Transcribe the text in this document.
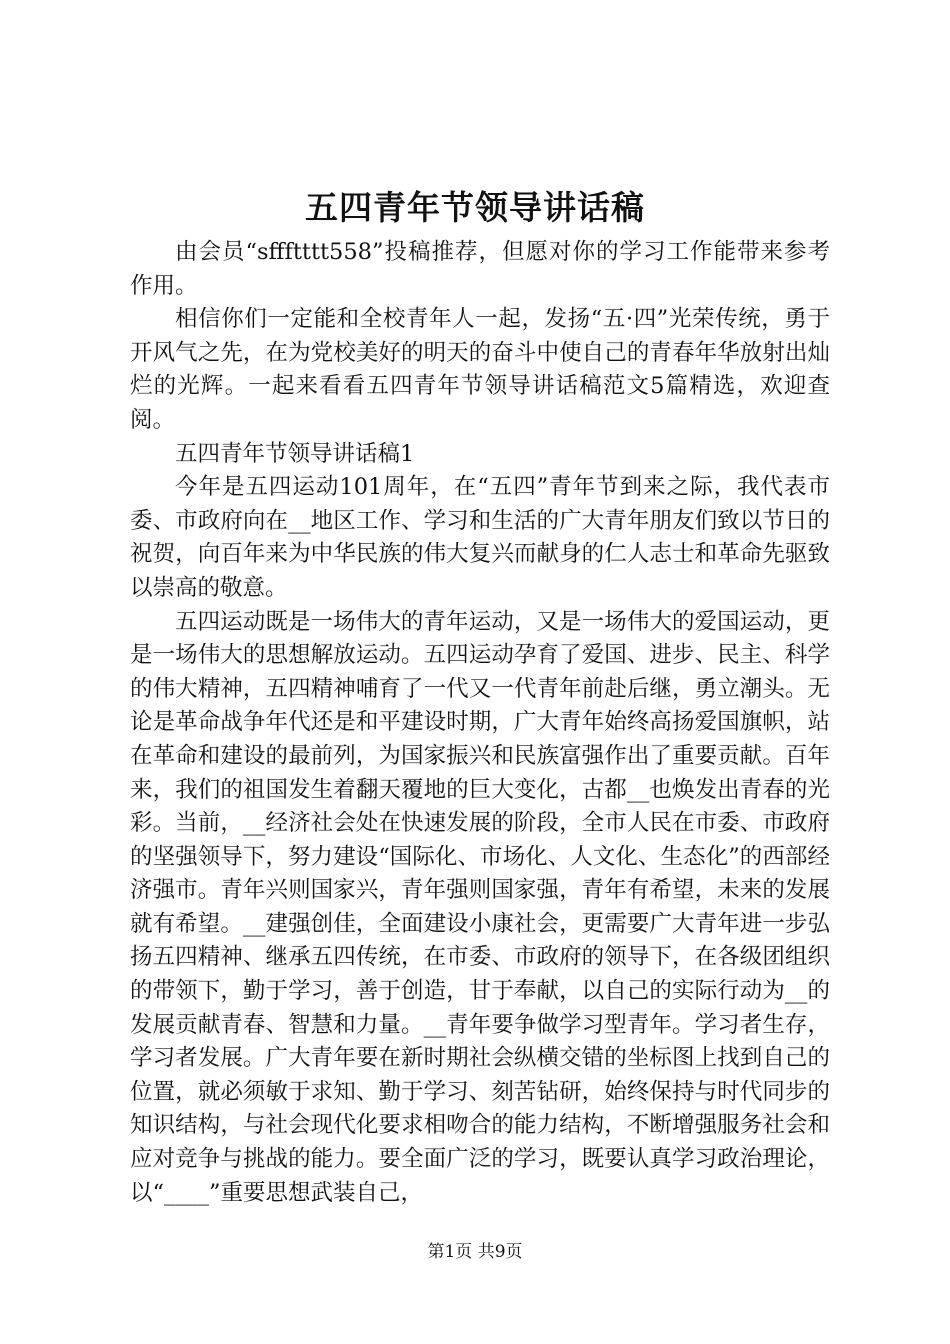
五四青年节领导讲话稿

由会员“sffftttt558”投稿推荐，但愿对你的学习工作能带来参考作用。

相信你们一定能和全校青年人一起，发扬“五·四”光荣传统，勇于开风气之先，在为党校美好的明天的奋斗中使自己的青春年华放射出灿烂的光辉。一起来看看五四青年节领导讲话稿范文5篇精选，欢迎查阅。

五四青年节领导讲话稿1

今年是五四运动101周年，在“五四”青年节到来之际，我代表市委、市政府向在__地区工作、学习和生活的广大青年朋友们致以节日的祝贺，向百年来为中华民族的伟大复兴而献身的仁人志士和革命先驱致以崇高的敬意。

五四运动既是一场伟大的青年运动，又是一场伟大的爱国运动，更是一场伟大的思想解放运动。五四运动孕育了爱国、进步、民主、科学的伟大精神，五四精神哺育了一代又一代青年前赴后继，勇立潮头。无论是革命战争年代还是和平建设时期，广大青年始终高扬爱国旗帜，站在革命和建设的最前列，为国家振兴和民族富强作出了重要贡献。百年来，我们的祖国发生着翻天覆地的巨大变化，古都__也焕发出青春的光彩。当前，__经济社会处在快速发展的阶段，全市人民在市委、市政府的坚强领导下，努力建设“国际化、市场化、人文化、生态化”的西部经济强市。青年兴则国家兴，青年强则国家强，青年有希望，未来的发展就有希望。__建强创佳，全面建设小康社会，更需要广大青年进一步弘扬五四精神、继承五四传统，在市委、市政府的领导下，在各级团组织的带领下，勤于学习，善于创造，甘于奉献，以自己的实际行动为__的发展贡献青春、智慧和力量。__青年要争做学习型青年。学习者生存，学习者发展。广大青年要在新时期社会纵横交错的坐标图上找到自己的位置，就必须敏于求知、勤于学习、刻苦钻研，始终保持与时代同步的知识结构，与社会现代化要求相吻合的能力结构，不断增强服务社会和应对竞争与挑战的能力。要全面广泛的学习，既要认真学习政治理论，以“____”重要思想武装自己，

第1页 共9页
